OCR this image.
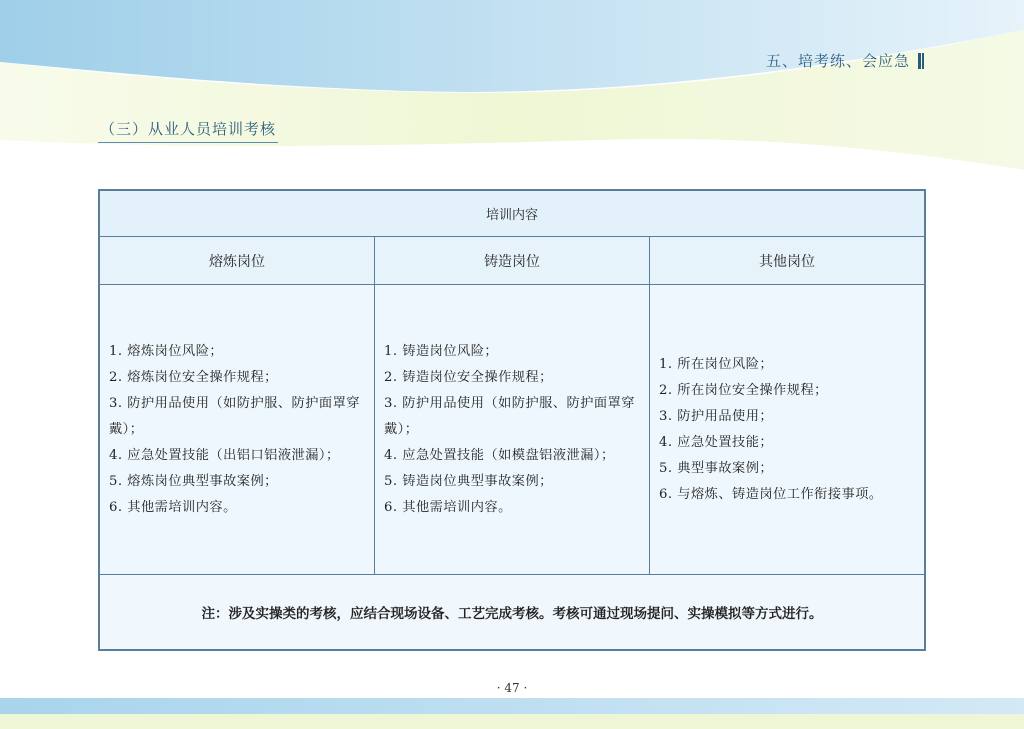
五、培考练、会应急
（三）从业人员培训考核
培训内容
熔炼岗位	铸造岗位	其他岗位
1. 熔炼岗位风险；
2. 熔炼岗位安全操作规程；
3. 防护用品使用（如防护服、防护面罩穿戴）；
4. 应急处置技能（出铝口铝液泄漏）；
5. 熔炼岗位典型事故案例；
6. 其他需培训内容。
1. 铸造岗位风险；
2. 铸造岗位安全操作规程；
3. 防护用品使用（如防护服、防护面罩穿戴）；
4. 应急处置技能（如模盘铝液泄漏）；
5. 铸造岗位典型事故案例；
6. 其他需培训内容。
1. 所在岗位风险；
2. 所在岗位安全操作规程；
3. 防护用品使用；
4. 应急处置技能；
5. 典型事故案例；
6. 与熔炼、铸造岗位工作衔接事项。
注：涉及实操类的考核，应结合现场设备、工艺完成考核。考核可通过现场提问、实操模拟等方式进行。
· 47 ·
